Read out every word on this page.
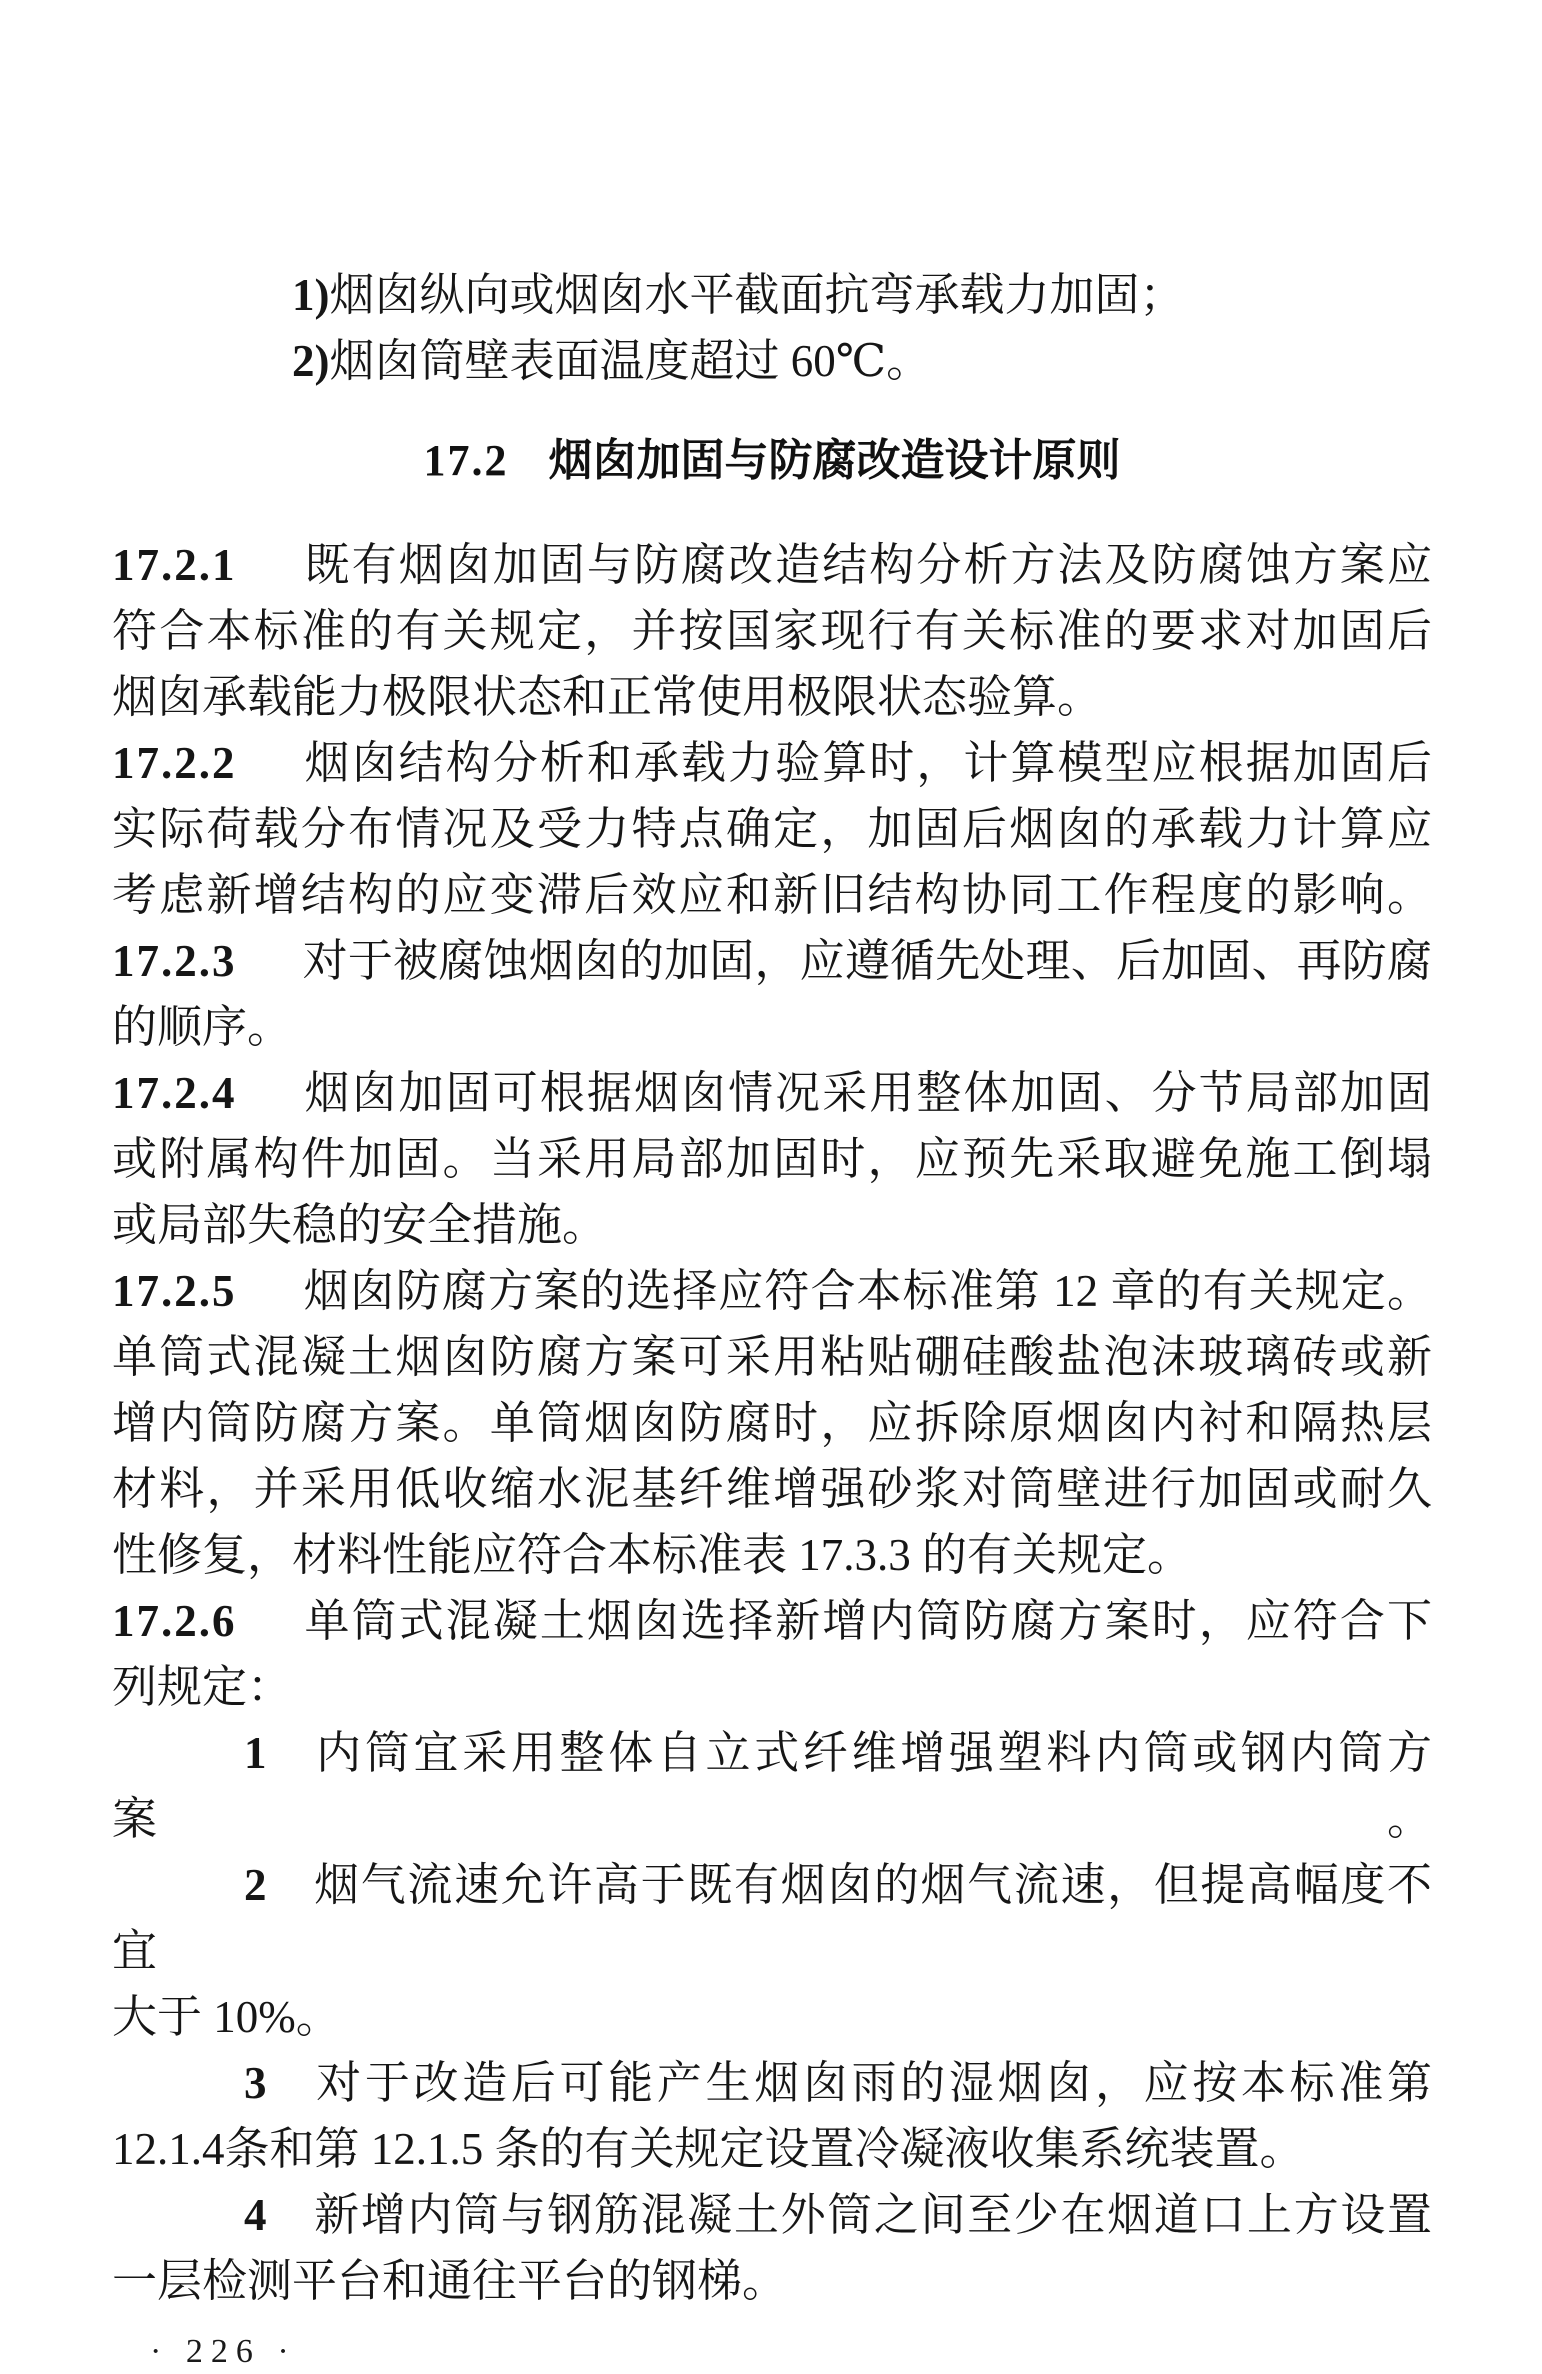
1)烟囱纵向或烟囱水平截面抗弯承载力加固；

2)烟囱筒壁表面温度超过 60℃。

17.2 烟囱加固与防腐改造设计原则

17.2.1 既有烟囱加固与防腐改造结构分析方法及防腐蚀方案应

符合本标准的有关规定，并按国家现行有关标准的要求对加固后

烟囱承载能力极限状态和正常使用极限状态验算。

17.2.2 烟囱结构分析和承载力验算时，计算模型应根据加固后

实际荷载分布情况及受力特点确定，加固后烟囱的承载力计算应

考虑新增结构的应变滞后效应和新旧结构协同工作程度的影响。

17.2.3 对于被腐蚀烟囱的加固，应遵循先处理、后加固、再防腐

的顺序。

17.2.4 烟囱加固可根据烟囱情况采用整体加固、分节局部加固

或附属构件加固。当采用局部加固时，应预先采取避免施工倒塌

或局部失稳的安全措施。

17.2.5 烟囱防腐方案的选择应符合本标准第 12 章的有关规定。

单筒式混凝土烟囱防腐方案可采用粘贴硼硅酸盐泡沫玻璃砖或新

增内筒防腐方案。单筒烟囱防腐时，应拆除原烟囱内衬和隔热层

材料，并采用低收缩水泥基纤维增强砂浆对筒壁进行加固或耐久

性修复，材料性能应符合本标准表 17.3.3 的有关规定。

17.2.6 单筒式混凝土烟囱选择新增内筒防腐方案时，应符合下

列规定：

1 内筒宜采用整体自立式纤维增强塑料内筒或钢内筒方案。

2 烟气流速允许高于既有烟囱的烟气流速，但提高幅度不宜

大于 10%。

3 对于改造后可能产生烟囱雨的湿烟囱，应按本标准第

12.1.4条和第 12.1.5 条的有关规定设置冷凝液收集系统装置。

4 新增内筒与钢筋混凝土外筒之间至少在烟道口上方设置

一层检测平台和通往平台的钢梯。

· 226 ·
